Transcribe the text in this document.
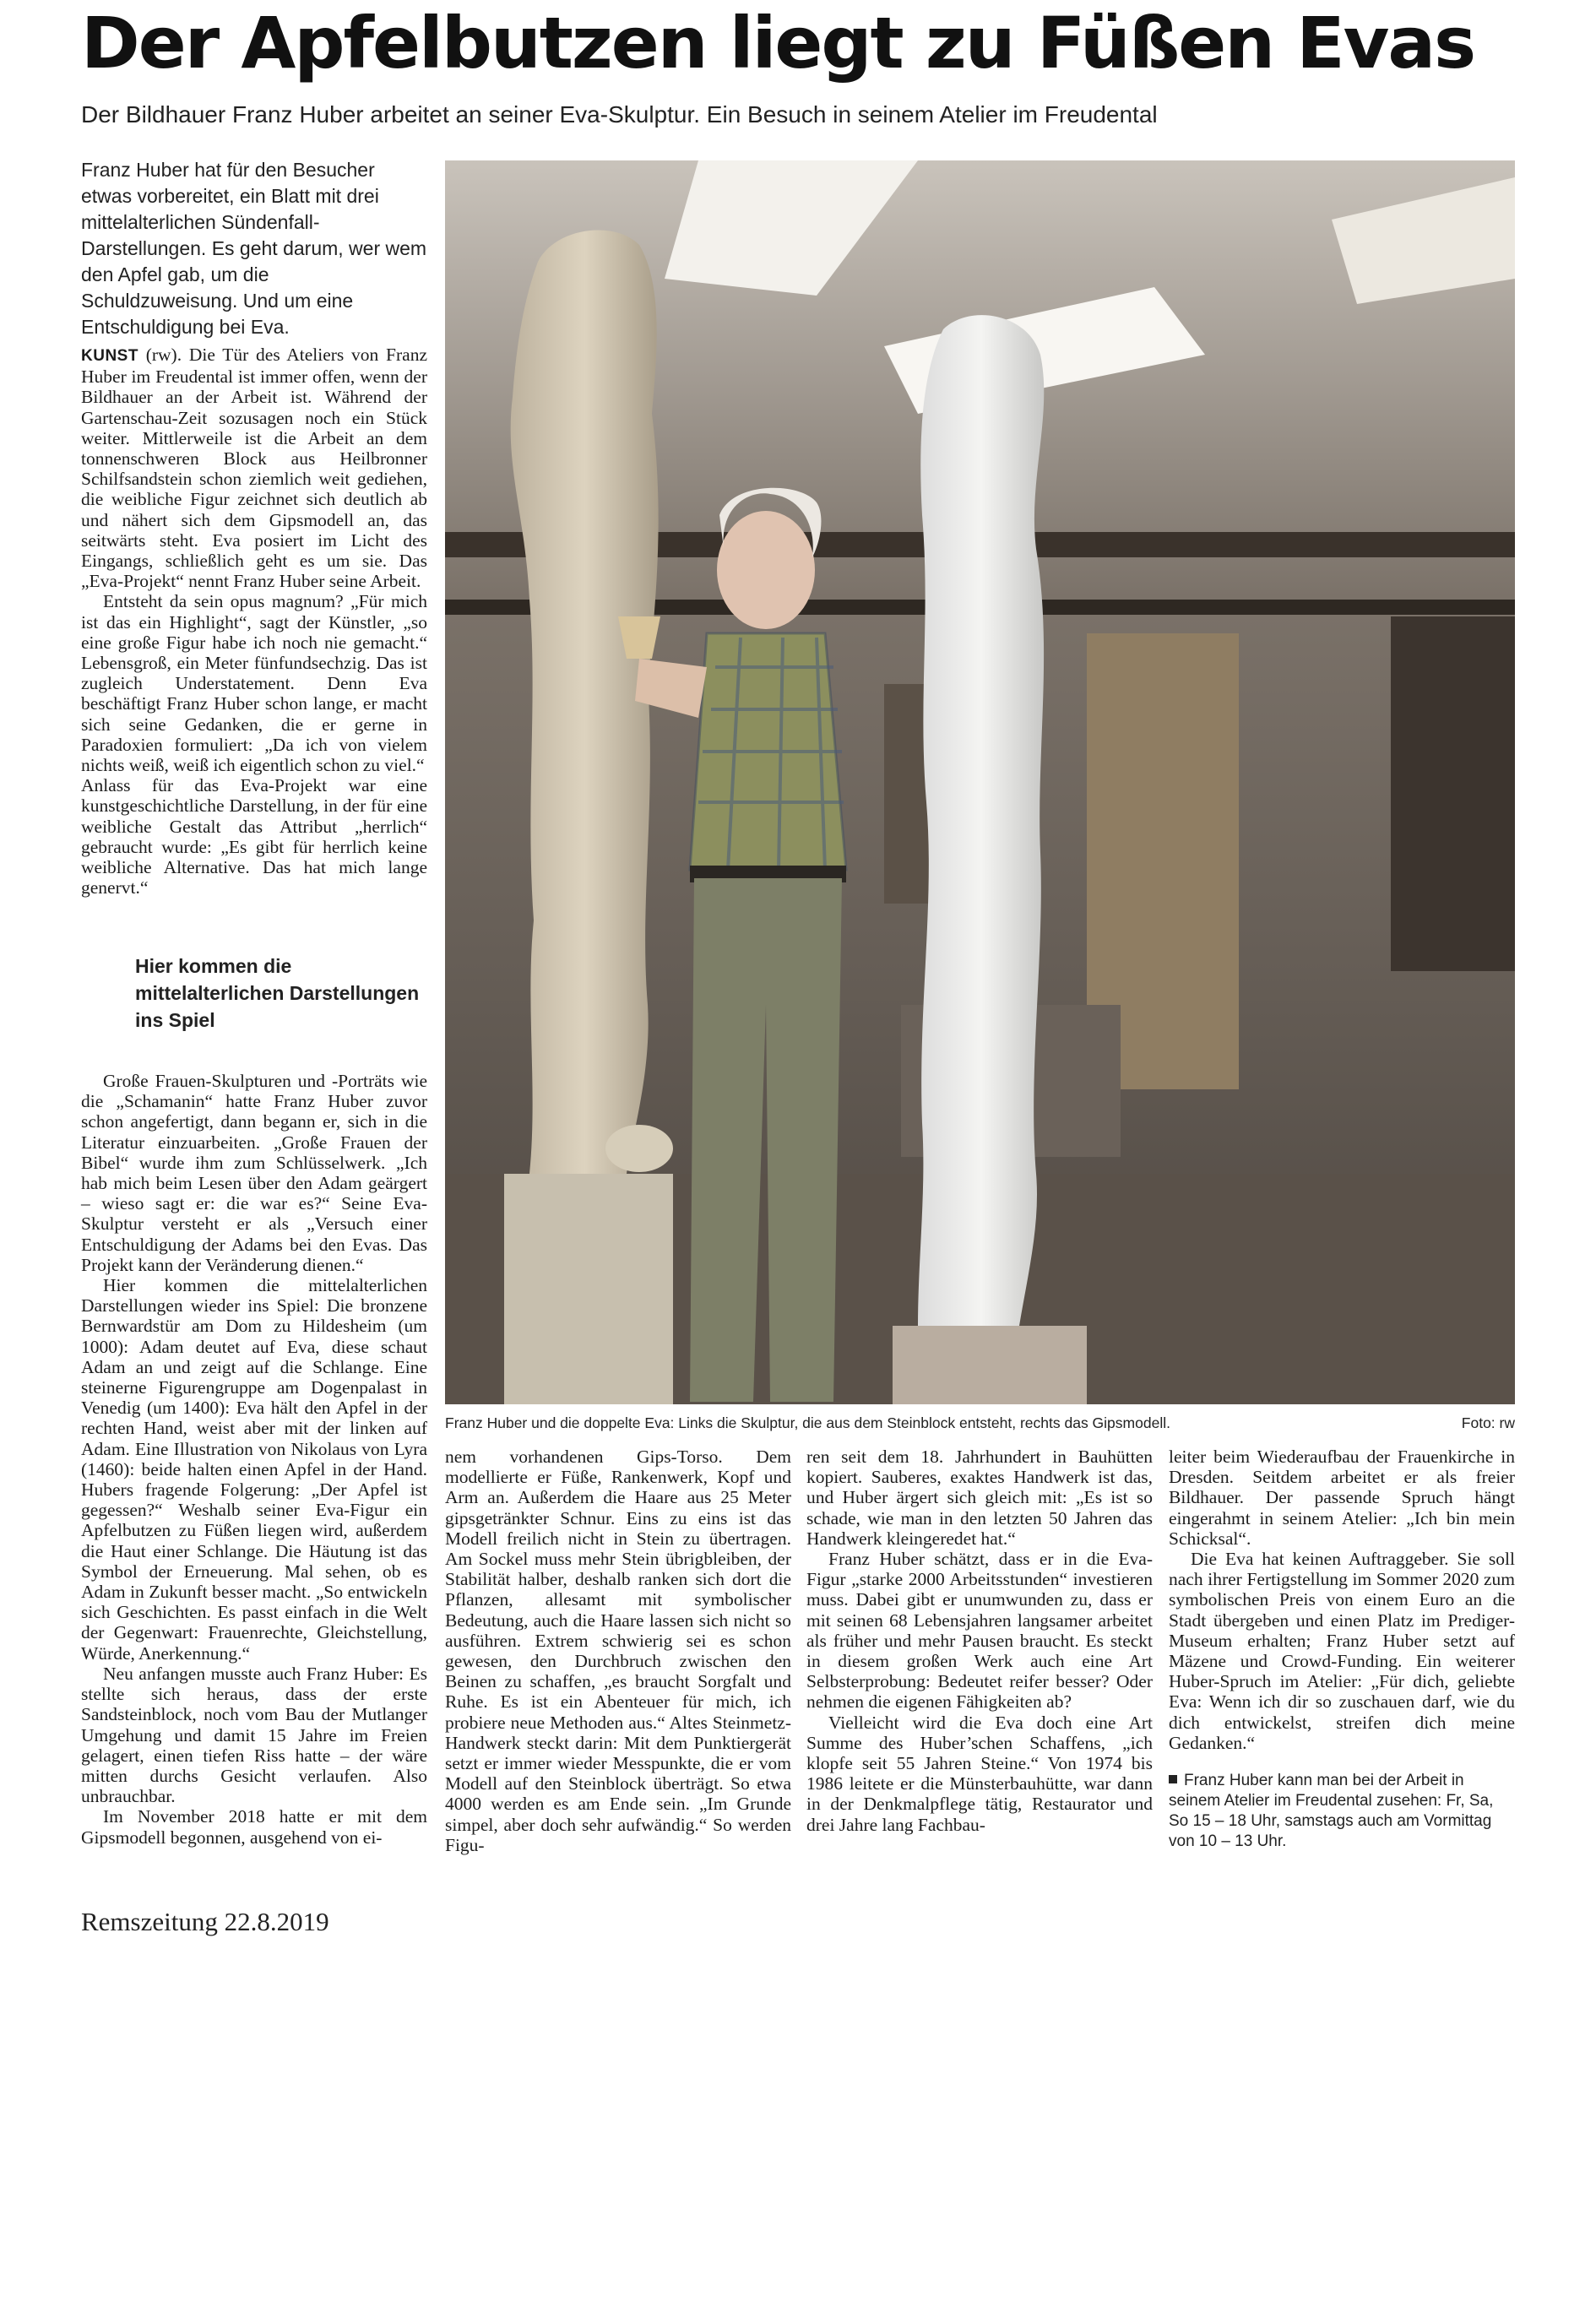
Der Apfelbutzen liegt zu Füßen Evas
Der Bildhauer Franz Huber arbeitet an seiner Eva-Skulptur. Ein Besuch in seinem Atelier im Freudental
Franz Huber hat für den Besucher etwas vorbereitet, ein Blatt mit drei mittelalterlichen Sündenfall-Darstellungen. Es geht darum, wer wem den Apfel gab, um die Schuldzuweisung. Und um eine Entschuldigung bei Eva.

KUNST (rw). Die Tür des Ateliers von Franz Huber im Freudental ist immer offen, wenn der Bildhauer an der Arbeit ist. Während der Gartenschau-Zeit sozusagen noch ein Stück weiter. Mittlerweile ist die Arbeit an dem tonnenschweren Block aus Heilbronner Schilfsandstein schon ziemlich weit gediehen, die weibliche Figur zeichnet sich deutlich ab und nähert sich dem Gipsmodell an, das seitwärts steht. Eva posiert im Licht des Eingangs, schließlich geht es um sie. Das „Eva-Projekt“ nennt Franz Huber seine Arbeit.

Entsteht da sein opus magnum? „Für mich ist das ein Highlight“, sagt der Künstler, „so eine große Figur habe ich noch nie gemacht.“ Lebensgroß, ein Meter fünfundsechzig. Das ist zugleich Understatement. Denn Eva beschäftigt Franz Huber schon lange, er macht sich seine Gedanken, die er gerne in Paradoxien formuliert: „Da ich von vielem nichts weiß, weiß ich eigentlich schon zu viel.“

Anlass für das Eva-Projekt war eine kunstgeschichtliche Darstellung, in der für eine weibliche Gestalt das Attribut „herrlich“ gebraucht wurde: „Es gibt für herrlich keine weibliche Alternative. Das hat mich lange genervt.“

Hier kommen die mittelalterlichen Darstellungen ins Spiel

Große Frauen-Skulpturen und -Porträts wie die „Schamanin“ hatte Franz Huber zuvor schon angefertigt, dann begann er, sich in die Literatur einzuarbeiten. „Große Frauen der Bibel“ wurde ihm zum Schlüsselwerk. „Ich hab mich beim Lesen über den Adam geärgert – wieso sagt er: die war es?“ Seine Eva-Skulptur versteht er als „Versuch einer Entschuldigung der Adams bei den Evas. Das Projekt kann der Veränderung dienen.“

Hier kommen die mittelalterlichen Darstellungen wieder ins Spiel: Die bronzene Bernwardstür am Dom zu Hildesheim (um 1000): Adam deutet auf Eva, diese schaut Adam an und zeigt auf die Schlange. Eine steinerne Figurengruppe am Dogenpalast in Venedig (um 1400): Eva hält den Apfel in der rechten Hand, weist aber mit der linken auf Adam. Eine Illustration von Nikolaus von Lyra (1460): beide halten einen Apfel in der Hand. Hubers fragende Folgerung: „Der Apfel ist gegessen?“ Weshalb seiner Eva-Figur ein Apfelbutzen zu Füßen liegen wird, außerdem die Haut einer Schlange. Die Häutung ist das Symbol der Erneuerung. Mal sehen, ob es Adam in Zukunft besser macht. „So entwickeln sich Geschichten. Es passt einfach in die Welt der Gegenwart: Frauenrechte, Gleichstellung, Würde, Anerkennung.“

Neu anfangen musste auch Franz Huber: Es stellte sich heraus, dass der erste Sandsteinblock, noch vom Bau der Mutlanger Umgehung und damit 15 Jahre im Freien gelagert, einen tiefen Riss hatte – der wäre mitten durchs Gesicht verlaufen. Also unbrauchbar.

Im November 2018 hatte er mit dem Gipsmodell begonnen, ausgehend von ei-

Franz Huber und die doppelte Eva: Links die Skulptur, die aus dem Steinblock entsteht, rechts das Gipsmodell.	Foto: rw

nem vorhandenen Gips-Torso. Dem modellierte er Füße, Rankenwerk, Kopf und Arm an. Außerdem die Haare aus 25 Meter gipsgetränkter Schnur. Eins zu eins ist das Modell freilich nicht in Stein zu übertragen. Am Sockel muss mehr Stein übrigbleiben, der Stabilität halber, deshalb ranken sich dort die Pflanzen, allesamt mit symbolischer Bedeutung, auch die Haare lassen sich nicht so ausführen. Extrem schwierig sei es schon gewesen, den Durchbruch zwischen den Beinen zu schaffen, „es braucht Sorgfalt und Ruhe. Es ist ein Abenteuer für mich, ich probiere neue Methoden aus.“ Altes Steinmetz-Handwerk steckt darin: Mit dem Punktiergerät setzt er immer wieder Messpunkte, die er vom Modell auf den Steinblock überträgt. So etwa 4000 werden es am Ende sein. „Im Grunde simpel, aber doch sehr aufwändig.“ So werden Figu-

ren seit dem 18. Jahrhundert in Bauhütten kopiert. Sauberes, exaktes Handwerk ist das, und Huber ärgert sich gleich mit: „Es ist so schade, wie man in den letzten 50 Jahren das Handwerk kleingeredet hat.“

Franz Huber schätzt, dass er in die Eva-Figur „starke 2000 Arbeitsstunden“ investieren muss. Dabei gibt er unumwunden zu, dass er mit seinen 68 Lebensjahren langsamer arbeitet als früher und mehr Pausen braucht. Es steckt in diesem großen Werk auch eine Art Selbsterprobung: Bedeutet reifer besser? Oder nehmen die eigenen Fähigkeiten ab?

Vielleicht wird die Eva doch eine Art Summe des Huber’schen Schaffens, „ich klopfe seit 55 Jahren Steine.“ Von 1974 bis 1986 leitete er die Münsterbauhütte, war dann in der Denkmalpflege tätig, Restaurator und drei Jahre lang Fachbau-

leiter beim Wiederaufbau der Frauenkirche in Dresden. Seitdem arbeitet er als freier Bildhauer. Der passende Spruch hängt eingerahmt in seinem Atelier: „Ich bin mein Schicksal“.

Die Eva hat keinen Auftraggeber. Sie soll nach ihrer Fertigstellung im Sommer 2020 zum symbolischen Preis von einem Euro an die Stadt übergeben und einen Platz im Prediger-Museum erhalten; Franz Huber setzt auf Mäzene und Crowd-Funding. Ein weiterer Huber-Spruch im Atelier: „Für dich, geliebte Eva: Wenn ich dir so zuschauen darf, wie du dich entwickelst, streifen dich meine Gedanken.“

Franz Huber kann man bei der Arbeit in seinem Atelier im Freudental zusehen: Fr, Sa, So 15 – 18 Uhr, samstags auch am Vormittag von 10 – 13 Uhr.
Remszeitung 22.8.2019
